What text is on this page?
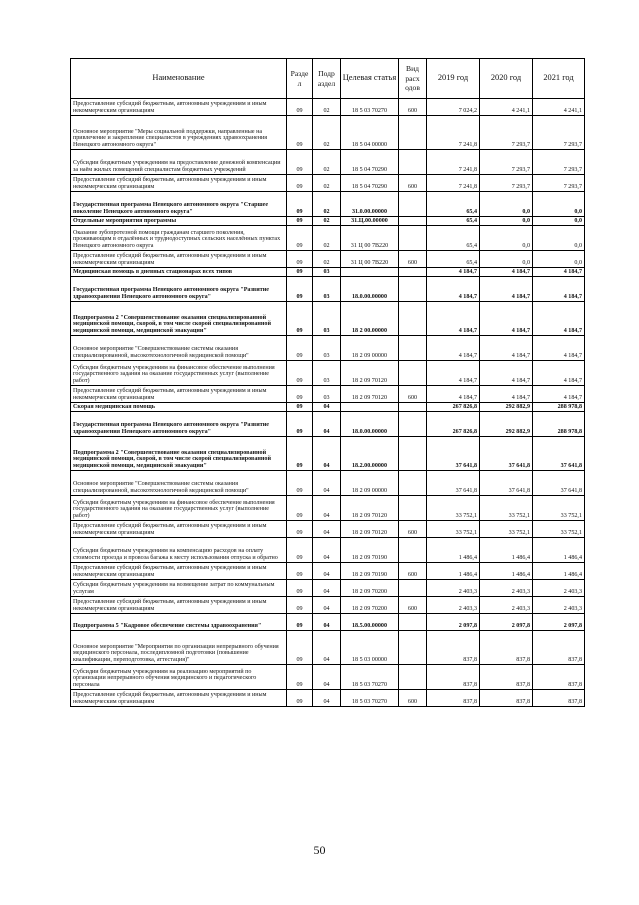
Наименование	Разде л	Подр аздел	Целевая статья	Вид расх одов	2019 год	2020 год	2021 год
Предоставление субсидий бюджетным, автономным учреждениям и иным некоммерческим организациям	09	02	18 5 03 70270	600	7 024,2	4 241,1	4 241,1
Основное мероприятие "Меры социальной поддержки, направленные на привлечение и закрепление специалистов в учреждениях здравоохранения Ненецкого автономного округа"	09	02	18 5 04 00000		7 241,8	7 293,7	7 293,7
Субсидии бюджетным учреждениям на предоставление денежной компенсации за наём жилых помещений специалистам бюджетных учреждений	09	02	18 5 04 70290		7 241,8	7 293,7	7 293,7
Предоставление субсидий бюджетным, автономным учреждениям и иным некоммерческим организациям	09	02	18 5 04 70290	600	7 241,8	7 293,7	7 293,7
Государственная программа Ненецкого автономного округа "Старшее поколение Ненецкого автономного округа"	09	02	31.0.00.00000		65,4	0,0	0,0
Отдельные мероприятия программы	09	02	31.Ц.00.00000		65,4	0,0	0,0
Оказание зубопротезной помощи гражданам старшего поколения, проживающим в отдалённых и труднодоступных сельских населённых пунктах Ненецкого автономного округа	09	02	31 Ц 00 7В220		65,4	0,0	0,0
Предоставление субсидий бюджетным, автономным учреждениям и иным некоммерческим организациям	09	02	31 Ц 00 7В220	600	65,4	0,0	0,0
Медицинская помощь в дневных стационарах всех типов	09	03			4 184,7	4 184,7	4 184,7
Государственная программа Ненецкого автономного округа "Развитие здравоохранения Ненецкого автономного округа"	09	03	18.0.00.00000		4 184,7	4 184,7	4 184,7
Подпрограмма 2 "Совершенствование оказания специализированной медицинской помощи, скорой, в том числе скорой специализированной медицинской помощи, медицинской эвакуации"	09	03	18 2 00.00000		4 184,7	4 184,7	4 184,7
Основное мероприятие "Совершенствование системы оказания специализированной, высокотехнологичной медицинской помощи"	09	03	18 2 09 00000		4 184,7	4 184,7	4 184,7
Субсидии бюджетным учреждениям на финансовое обеспечение выполнения государственного задания на оказание государственных услуг (выполнение работ)	09	03	18 2 09 70120		4 184,7	4 184,7	4 184,7
Предоставление субсидий бюджетным, автономным учреждениям и иным некоммерческим организациям	09	03	18 2 09 70120	600	4 184,7	4 184,7	4 184,7
Скорая медицинская помощь	09	04			267 826,8	292 882,9	288 978,8
Государственная программа Ненецкого автономного округа "Развитие здравоохранения Ненецкого автономного округа"	09	04	18.0.00.00000		267 826,8	292 882,9	288 978,8
Подпрограмма 2 "Совершенствование оказания специализированной медицинской помощи, скорой, в том числе скорой специализированной медицинской помощи, медицинской эвакуации"	09	04	18.2.00.00000		37 641,8	37 641,8	37 641,8
Основное мероприятие "Совершенствование системы оказания специализированной, высокотехнологичной медицинской помощи"	09	04	18 2 09 00000		37 641,8	37 641,8	37 641,8
Субсидии бюджетным учреждениям на финансовое обеспечение выполнения государственного задания на оказание государственных услуг (выполнение работ)	09	04	18 2 09 70120		33 752,1	33 752,1	33 752,1
Предоставление субсидий бюджетным, автономным учреждениям и иным некоммерческим организациям	09	04	18 2 09 70120	600	33 752,1	33 752,1	33 752,1
Субсидии бюджетным учреждениям на компенсацию расходов на оплату стоимости проезда и провоза багажа к месту использования отпуска и обратно	09	04	18 2 09 70190		1 486,4	1 486,4	1 486,4
Предоставление субсидий бюджетным, автономным учреждениям и иным некоммерческим организациям	09	04	18 2 09 70190	600	1 486,4	1 486,4	1 486,4
Субсидии бюджетным учреждениям на возмещение затрат по коммунальным услугам	09	04	18 2 09 70200		2 403,3	2 403,3	2 403,3
Предоставление субсидий бюджетным, автономным учреждениям и иным некоммерческим организациям	09	04	18 2 09 70200	600	2 403,3	2 403,3	2 403,3
Подпрограмма 5 "Кадровое обеспечение системы здравоохранения"	09	04	18.5.00.00000		2 097,8	2 097,8	2 097,8
Основное мероприятие "Мероприятия по организации непрерывного обучения медицинского персонала, последипломной подготовки (повышение квалификации, переподготовка, аттестация)"	09	04	18 5 03 00000		837,8	837,8	837,8
Субсидии бюджетным учреждениям на реализацию мероприятий по организации непрерывного обучения медицинского и педагогического персонала	09	04	18 5 03 70270		837,8	837,8	837,8
Предоставление субсидий бюджетным, автономным учреждениям и иным некоммерческим организациям	09	04	18 5 03 70270	600	837,8	837,8	837,8
50
